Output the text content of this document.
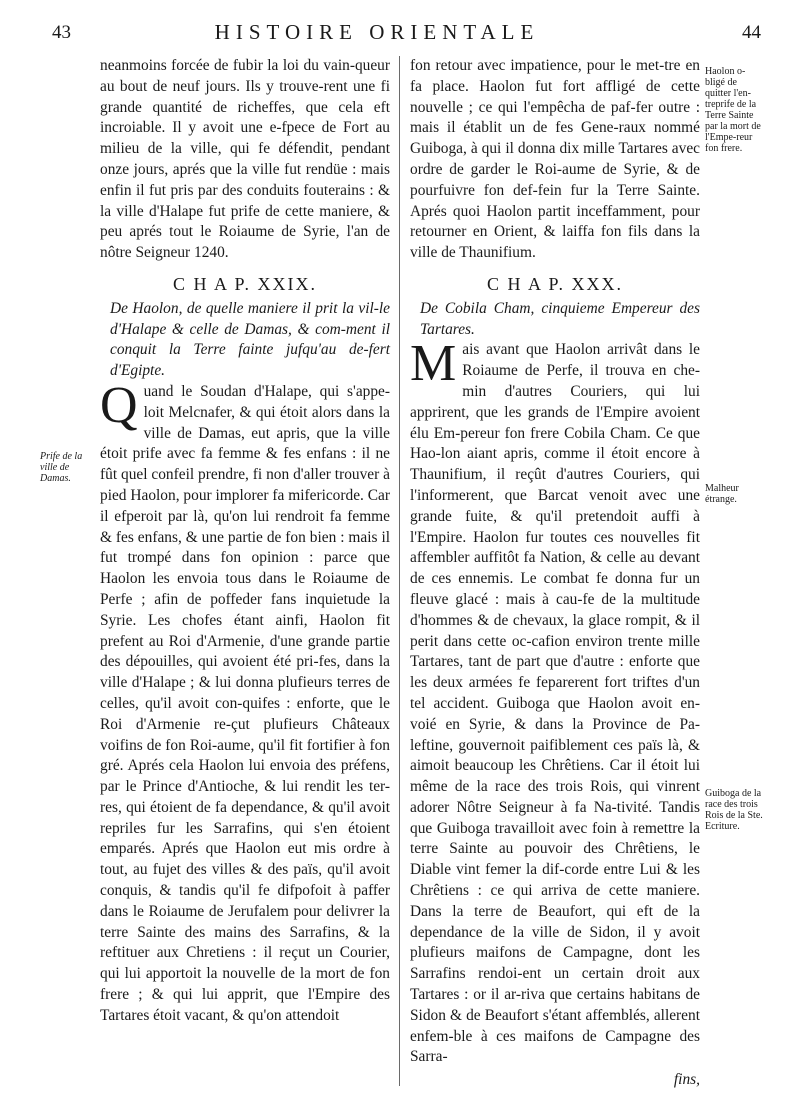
43	HISTOIRE ORIENTALE	44
Prife de la ville de Damas.
Haolon o-bligé de quitter l'en-treprife de la Terre Sainte par la mort de l'Empe-reur fon frere.
Malheur étrange.
Guiboga de la race des trois Rois de la Ste. Ecriture.

neanmoins forcée de fubir la loi du vain-queur au bout de neuf jours. Ils y trouve-rent une fi grande quantité de richeffes, que cela eft incroiable. Il y avoit une e-fpece de Fort au milieu de la ville, qui fe défendit, pendant onze jours, aprés que la ville fut rendüe : mais enfin il fut pris par des conduits fouterains : & la ville d'Halape fut prife de cette maniere, & peu aprés tout le Roiaume de Syrie, l'an de nôtre Seigneur 1240.

C H A P. XXIX.

De Haolon, de quelle maniere il prit la vil-le d'Halape & celle de Damas, & com-ment il conquit la Terre fainte jufqu'au de-fert d'Egipte.

Quand le Soudan d'Halape, qui s'appe-loit Melcnafer, & qui étoit alors dans la ville de Damas, eut apris, que la ville étoit prife avec fa femme & fes enfans : il ne fût quel confeil prendre, fi non d'aller trouver à pied Haolon, pour implorer fa mifericorde. Car il efperoit par là, qu'on lui rendroit fa femme & fes enfans, & une partie de fon bien : mais il fut trompé dans fon opinion : parce que Haolon les envoia tous dans le Roiaume de Perfe ; afin de poffeder fans inquietude la Syrie. Les chofes étant ainfi, Haolon fit prefent au Roi d'Armenie, d'une grande partie des dépouilles, qui avoient été pri-fes, dans la ville d'Halape ; & lui donna plufieurs terres de celles, qu'il avoit con-quifes : enforte, que le Roi d'Armenie re-çut plufieurs Châteaux voifins de fon Roi-aume, qu'il fit fortifier à fon gré. Aprés cela Haolon lui envoia des préfens, par le Prince d'Antioche, & lui rendit les ter-res, qui étoient de fa dependance, & qu'il avoit repriles fur les Sarrafins, qui s'en étoient emparés. Aprés que Haolon eut mis ordre à tout, au fujet des villes & des païs, qu'il avoit conquis, & tandis qu'il fe difpofoit à paffer dans le Roiaume de Jerufalem pour delivrer la terre Sainte des mains des Sarrafins, & la reftituer aux Chretiens : il reçut un Courier, qui lui apportoit la nouvelle de la mort de fon frere ; & qui lui apprit, que l'Empire des Tartares étoit vacant, & qu'on attendoit

fon retour avec impatience, pour le met-tre en fa place. Haolon fut fort affligé de cette nouvelle ; ce qui l'empêcha de paf-fer outre : mais il établit un de fes Gene-raux nommé Guiboga, à qui il donna dix mille Tartares avec ordre de garder le Roi-aume de Syrie, & de pourfuivre fon def-fein fur la Terre Sainte. Aprés quoi Haolon partit inceffamment, pour retourner en Orient, & laiffa fon fils dans la ville de Thaunifium.

C H A P. XXX.

De Cobila Cham, cinquieme Empereur des Tartares.

Mais avant que Haolon arrivât dans le Roiaume de Perfe, il trouva en che-min d'autres Couriers, qui lui apprirent, que les grands de l'Empire avoient élu Em-pereur fon frere Cobila Cham. Ce que Hao-lon aiant apris, comme il étoit encore à Thaunifium, il reçût d'autres Couriers, qui l'informerent, que Barcat venoit avec une grande fuite, & qu'il pretendoit auffi à l'Empire. Haolon fur toutes ces nouvelles fit affembler auffitôt fa Nation, & celle au devant de ces ennemis. Le combat fe donna fur un fleuve glacé : mais à cau-fe de la multitude d'hommes & de chevaux, la glace rompit, & il perit dans cette oc-cafion environ trente mille Tartares, tant de part que d'autre : enforte que les deux armées fe feparerent fort triftes d'un tel accident. Guiboga que Haolon avoit en-voié en Syrie, & dans la Province de Pa-leftine, gouvernoit paifiblement ces païs là, & aimoit beaucoup les Chrêtiens. Car il étoit lui même de la race des trois Rois, qui vinrent adorer Nôtre Seigneur à fa Na-tivité. Tandis que Guiboga travailloit avec foin à remettre la terre Sainte au pouvoir des Chrêtiens, le Diable vint femer la dif-corde entre Lui & les Chrêtiens : ce qui arriva de cette maniere. Dans la terre de Beaufort, qui eft de la dependance de la ville de Sidon, il y avoit plufieurs maifons de Campagne, dont les Sarrafins rendoi-ent un certain droit aux Tartares : or il ar-riva que certains habitans de Sidon & de Beaufort s'étant affemblés, allerent enfem-ble à ces maifons de Campagne des Sarra-

fins,
